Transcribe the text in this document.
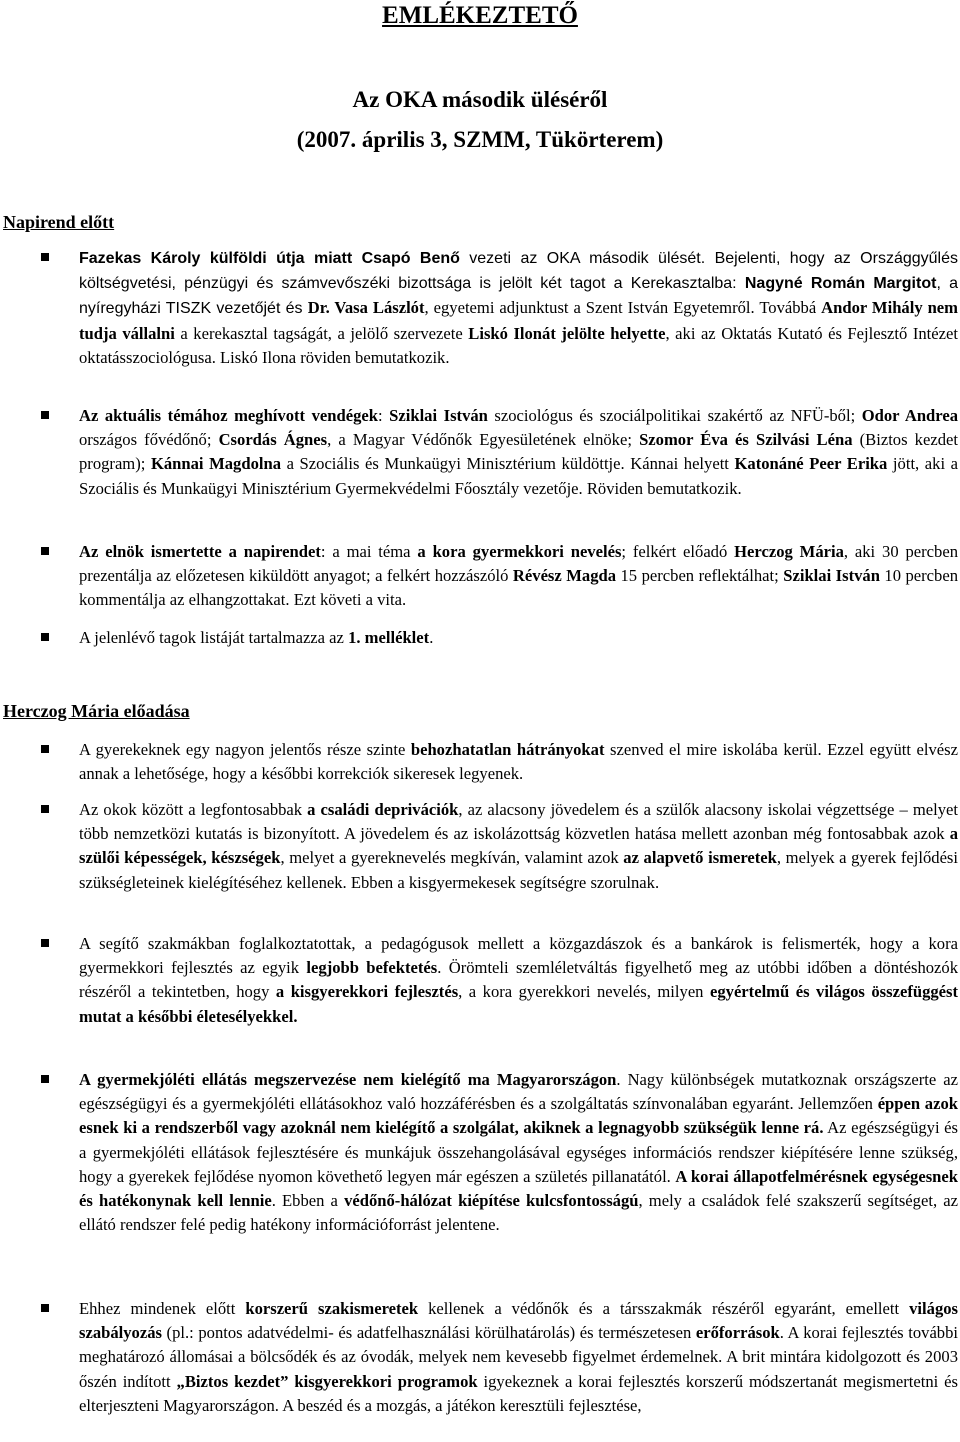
EMLÉKEZTETŐ
Az OKA második üléséről
(2007. április 3, SZMM, Tükörterem)
Napirend előtt

Fazekas Károly külföldi útja miatt Csapó Benő vezeti az OKA második ülését. Bejelenti, hogy az Országgyűlés költségvetési, pénzügyi és számvevőszéki bizottsága is jelölt két tagot a Kerekasztalba: Nagyné Román Margitot, a nyíregyházi TISZK vezetőjét és Dr. Vasa Lászlót, egyetemi adjunktust a Szent István Egyetemről. Továbbá Andor Mihály nem tudja vállalni a kerekasztal tagságát, a jelölő szervezete Liskó Ilonát jelölte helyette, aki az Oktatás Kutató és Fejlesztő Intézet oktatásszociológusa. Liskó Ilona röviden bemutatkozik.

Az aktuális témához meghívott vendégek: Sziklai István szociológus és szociálpolitikai szakértő az NFÜ-ből; Odor Andrea országos fővédőnő; Csordás Ágnes, a Magyar Védőnők Egyesületének elnöke; Szomor Éva és Szilvási Léna (Biztos kezdet program); Kánnai Magdolna a Szociális és Munkaügyi Minisztérium küldöttje. Kánnai helyett Katonáné Peer Erika jött, aki a Szociális és Munkaügyi Minisztérium Gyermekvédelmi Főosztály vezetője. Röviden bemutatkozik.

Az elnök ismertette a napirendet: a mai téma a kora gyermekkori nevelés; felkért előadó Herczog Mária, aki 30 percben prezentálja az előzetesen kiküldött anyagot; a felkért hozzászóló Révész Magda 15 percben reflektálhat; Sziklai István 10 percben kommentálja az elhangzottakat. Ezt követi a vita.

A jelenlévő tagok listáját tartalmazza az 1. melléklet.

Herczog Mária előadása

A gyerekeknek egy nagyon jelentős része szinte behozhatatlan hátrányokat szenved el mire iskolába kerül. Ezzel együtt elvész annak a lehetősége, hogy a későbbi korrekciók sikeresek legyenek.

Az okok között a legfontosabbak a családi deprivációk, az alacsony jövedelem és a szülők alacsony iskolai végzettsége – melyet több nemzetközi kutatás is bizonyított. A jövedelem és az iskolázottság közvetlen hatása mellett azonban még fontosabbak azok a szülői képességek, készségek, melyet a gyereknevelés megkíván, valamint azok az alapvető ismeretek, melyek a gyerek fejlődési szükségleteinek kielégítéséhez kellenek. Ebben a kisgyermekesek segítségre szorulnak.

A segítő szakmákban foglalkoztatottak, a pedagógusok mellett a közgazdászok és a bankárok is felismerték, hogy a kora gyermekkori fejlesztés az egyik legjobb befektetés. Örömteli szemléletváltás figyelhető meg az utóbbi időben a döntéshozók részéről a tekintetben, hogy a kisgyerekkori fejlesztés, a kora gyerekkori nevelés, milyen egyértelmű és világos összefüggést mutat a későbbi életesélyekkel.

A gyermekjóléti ellátás megszervezése nem kielégítő ma Magyarországon. Nagy különbségek mutatkoznak országszerte az egészségügyi és a gyermekjóléti ellátásokhoz való hozzáférésben és a szolgáltatás színvonalában egyaránt. Jellemzően éppen azok esnek ki a rendszerből vagy azoknál nem kielégítő a szolgálat, akiknek a legnagyobb szükségük lenne rá. Az egészségügyi és a gyermekjóléti ellátások fejlesztésére és munkájuk összehangolásával egységes információs rendszer kiépítésére lenne szükség, hogy a gyerekek fejlődése nyomon követhető legyen már egészen a születés pillanatától. A korai állapotfelmérésnek egységesnek és hatékonynak kell lennie. Ebben a védőnő-hálózat kiépítése kulcsfontosságú, mely a családok felé szakszerű segítséget, az ellátó rendszer felé pedig hatékony információforrást jelentene.

Ehhez mindenek előtt korszerű szakismeretek kellenek a védőnők és a társszakmák részéről egyaránt, emellett világos szabályozás (pl.: pontos adatvédelmi- és adatfelhasználási körülhatárolás) és természetesen erőforrások. A korai fejlesztés további meghatározó állomásai a bölcsődék és az óvodák, melyek nem kevesebb figyelmet érdemelnek. A brit mintára kidolgozott és 2003 őszén indított „Biztos kezdet” kisgyerekkori programok igyekeznek a korai fejlesztés korszerű módszertanát megismertetni és elterjeszteni Magyarországon. A beszéd és a mozgás, a játékon keresztüli fejlesztése,
